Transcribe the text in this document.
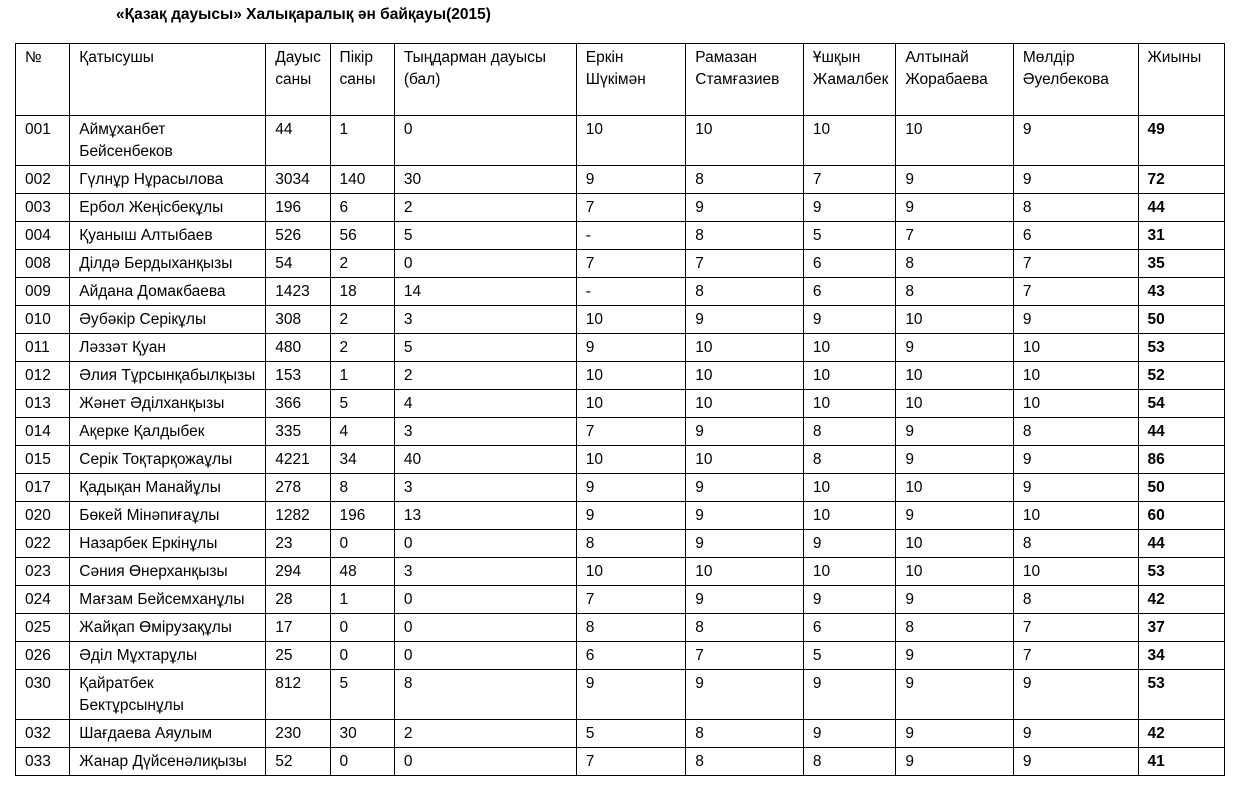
«Қазақ дауысы» Халықаралық ән байқауы(2015)
№	Қатысушы	Дауыс саны	Пікір саны	Тыңдарман дауысы (бал)	Еркін Шүкімән	Рамазан Стамғазиев	Ұшқын Жамалбек	Алтынай Жорабаева	Мөлдір Әуелбекова	Жиыны
001	Аймұханбет Бейсенбеков	44	1	0	10	10	10	10	9	49
002	Гүлнұр Нұрасылова	3034	140	30	9	8	7	9	9	72
003	Ербол Жеңісбекұлы	196	6	2	7	9	9	9	8	44
004	Қуаныш Алтыбаев	526	56	5	-	8	5	7	6	31
008	Ділдә Бердыханқызы	54	2	0	7	7	6	8	7	35
009	Айдана Домакбаева	1423	18	14	-	8	6	8	7	43
010	Әубәкір Серікұлы	308	2	3	10	9	9	10	9	50
011	Ләззәт Қуан	480	2	5	9	10	10	9	10	53
012	Әлия Тұрсынқабылқызы	153	1	2	10	10	10	10	10	52
013	Жәнет Әділханқызы	366	5	4	10	10	10	10	10	54
014	Ақерке Қалдыбек	335	4	3	7	9	8	9	8	44
015	Серік Тоқтарқожаұлы	4221	34	40	10	10	8	9	9	86
017	Қадықан Манайұлы	278	8	3	9	9	10	10	9	50
020	Бөкей Мінәпиғаұлы	1282	196	13	9	9	10	9	10	60
022	Назарбек Еркінұлы	23	0	0	8	9	9	10	8	44
023	Сәния Өнерханқызы	294	48	3	10	10	10	10	10	53
024	Мағзам Бейсемханұлы	28	1	0	7	9	9	9	8	42
025	Жайқап Өмірузақұлы	17	0	0	8	8	6	8	7	37
026	Әділ Мұхтарұлы	25	0	0	6	7	5	9	7	34
030	Қайратбек Бектұрсынұлы	812	5	8	9	9	9	9	9	53
032	Шағдаева Аяулым	230	30	2	5	8	9	9	9	42
033	Жанар Дүйсенәлиқызы	52	0	0	7	8	8	9	9	41
